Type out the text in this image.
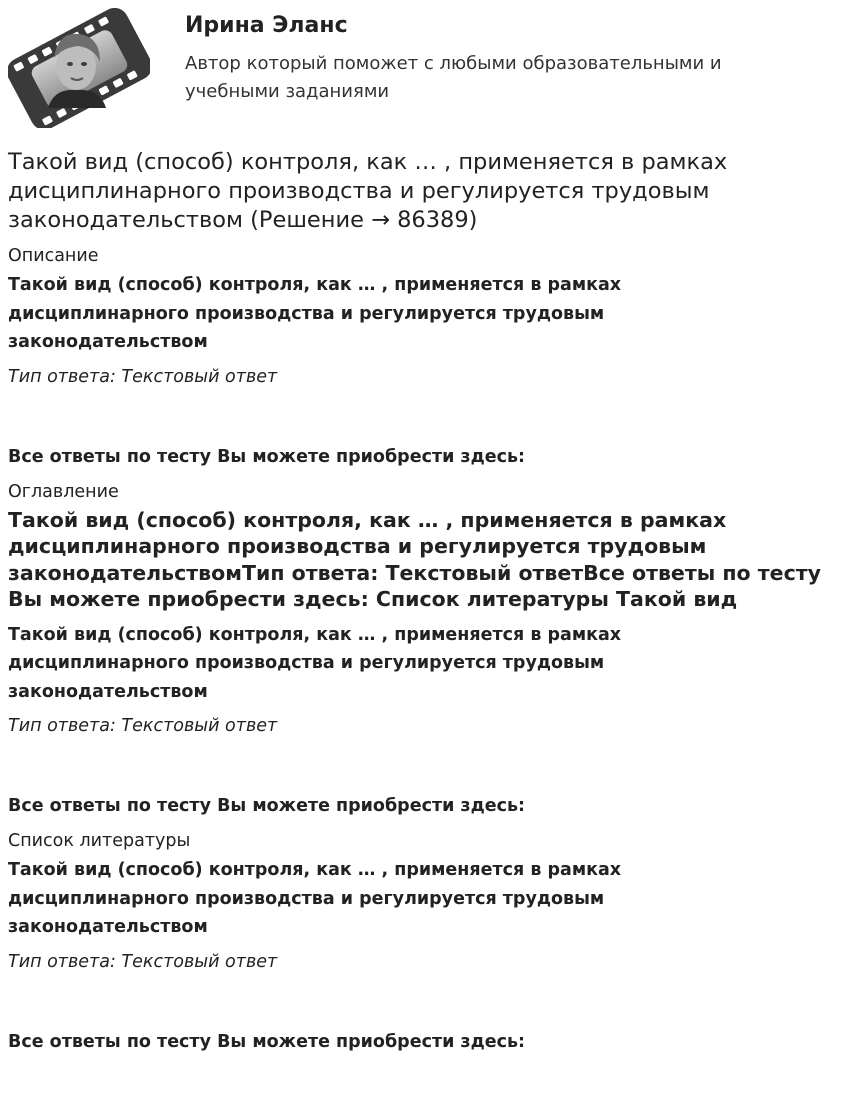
Ирина Эланс
Автор который поможет с любыми образовательными и учебными заданиями
Такой вид (способ) контроля, как … , применяется в рамках дисциплинарного производства и регулируется трудовым законодательством (Решение → 86389)
Описание
Такой вид (способ) контроля, как … , применяется в рамках дисциплинарного производства и регулируется трудовым законодательством
Тип ответа: Текстовый ответ
Все ответы по тесту Вы можете приобрести здесь:
Оглавление
Такой вид (способ) контроля, как … , применяется в рамках дисциплинарного производства и регулируется трудовым законодательствомТип ответа: Текстовый ответВсе ответы по тесту Вы можете приобрести здесь: Список литературы Такой вид
Такой вид (способ) контроля, как … , применяется в рамках дисциплинарного производства и регулируется трудовым законодательством
Тип ответа: Текстовый ответ
Все ответы по тесту Вы можете приобрести здесь:
Список литературы
Такой вид (способ) контроля, как … , применяется в рамках дисциплинарного производства и регулируется трудовым законодательством
Тип ответа: Текстовый ответ
Все ответы по тесту Вы можете приобрести здесь:
